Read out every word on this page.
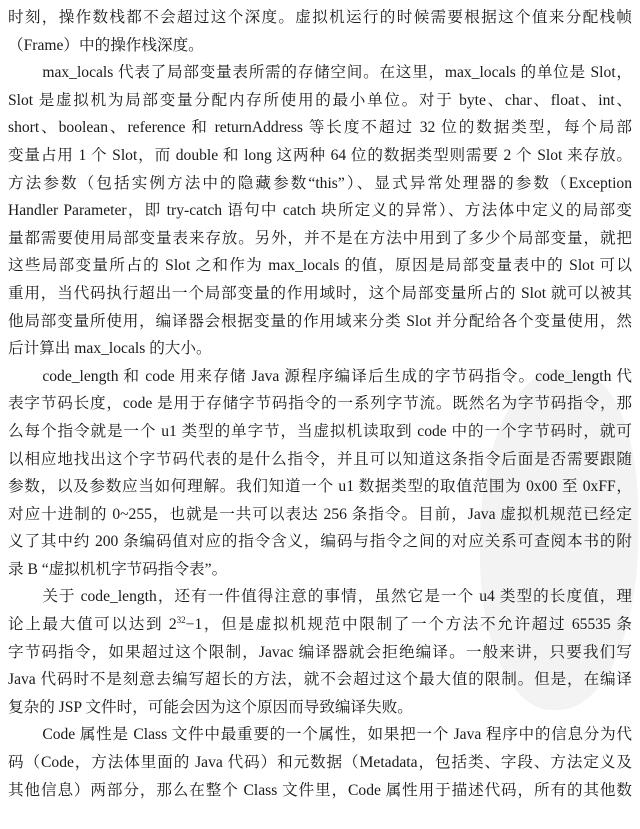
时刻，操作数栈都不会超过这个深度。虚拟机运行的时候需要根据这个值来分配栈帧
（Frame）中的操作栈深度。
max_locals 代表了局部变量表所需的存储空间。在这里，max_locals 的单位是 Slot，
Slot 是虚拟机为局部变量分配内存所使用的最小单位。对于 byte、char、float、int、
short、boolean、reference 和 returnAddress 等长度不超过 32 位的数据类型，每个局部
变量占用 1 个 Slot，而 double 和 long 这两种 64 位的数据类型则需要 2 个 Slot 来存放。
方法参数（包括实例方法中的隐藏参数“this”）、显式异常处理器的参数（Exception
Handler Parameter，即 try-catch 语句中 catch 块所定义的异常）、方法体中定义的局部变
量都需要使用局部变量表来存放。另外，并不是在方法中用到了多少个局部变量，就把
这些局部变量所占的 Slot 之和作为 max_locals 的值，原因是局部变量表中的 Slot 可以
重用，当代码执行超出一个局部变量的作用域时，这个局部变量所占的 Slot 就可以被其
他局部变量所使用，编译器会根据变量的作用域来分类 Slot 并分配给各个变量使用，然
后计算出 max_locals 的大小。
code_length 和 code 用来存储 Java 源程序编译后生成的字节码指令。code_length 代
表字节码长度，code 是用于存储字节码指令的一系列字节流。既然名为字节码指令，那
么每个指令就是一个 u1 类型的单字节，当虚拟机读取到 code 中的一个字节码时，就可
以相应地找出这个字节码代表的是什么指令，并且可以知道这条指令后面是否需要跟随
参数，以及参数应当如何理解。我们知道一个 u1 数据类型的取值范围为 0x00 至 0xFF，
对应十进制的 0~255，也就是一共可以表达 256 条指令。目前，Java 虚拟机规范已经定
义了其中约 200 条编码值对应的指令含义，编码与指令之间的对应关系可查阅本书的附
录 B “虚拟机机字节码指令表”。
关于 code_length，还有一件值得注意的事情，虽然它是一个 u4 类型的长度值，理
论上最大值可以达到 $2^{32}-1$，但是虚拟机规范中限制了一个方法不允许超过 65535 条
字节码指令，如果超过这个限制，Javac 编译器就会拒绝编译。一般来讲，只要我们写
Java 代码时不是刻意去编写超长的方法，就不会超过这个最大值的限制。但是，在编译
复杂的 JSP 文件时，可能会因为这个原因而导致编译失败。
Code 属性是 Class 文件中最重要的一个属性，如果把一个 Java 程序中的信息分为代
码（Code，方法体里面的 Java 代码）和元数据（Metadata，包括类、字段、方法定义及
其他信息）两部分，那么在整个 Class 文件里，Code 属性用于描述代码，所有的其他数
